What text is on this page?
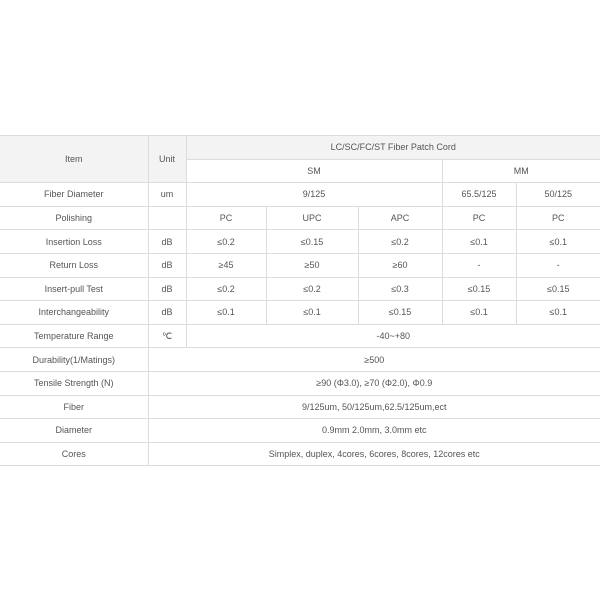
Item	Unit	LC/SC/FC/ST Fiber Patch Cord				
		SM			MM	
Fiber Diameter	um	9/125			65.5/125	50/125
Polishing		PC	UPC	APC	PC	PC
Insertion Loss	dB	≤0.2	≤0.15	≤0.2	≤0.1	≤0.1
Return Loss	dB	≥45	≥50	≥60	-	-
Insert-pull Test	dB	≤0.2	≤0.2	≤0.3	≤0.15	≤0.15
Interchangeability	dB	≤0.1	≤0.1	≤0.15	≤0.1	≤0.1
Temperature Range	℃	-40~+80				
Durability(1/Matings)	≥500					
Tensile Strength (N)	≥90 (Φ3.0), ≥70 (Φ2.0), Φ0.9					
Fiber	9/125um, 50/125um,62.5/125um,ect					
Diameter	0.9mm 2.0mm, 3.0mm etc					
Cores	Simplex, duplex, 4cores, 6cores, 8cores, 12cores etc					
